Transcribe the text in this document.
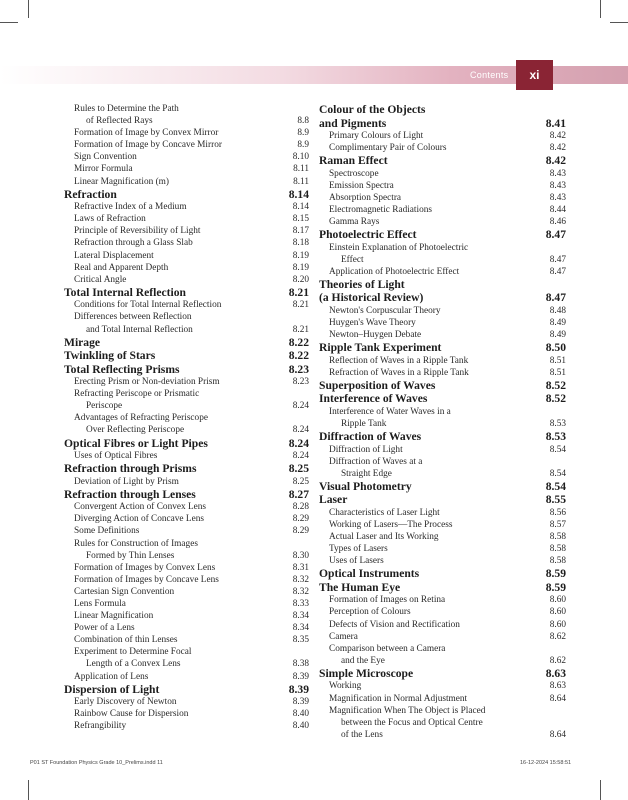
Contents xi
Rules to Determine the Path
of Reflected Rays	8.8
Formation of Image by Convex Mirror	8.9
Formation of Image by Concave Mirror	8.9
Sign Convention	8.10
Mirror Formula	8.11
Linear Magnification (m)	8.11
Refraction	8.14
Refractive Index of a Medium	8.14
Laws of Refraction	8.15
Principle of Reversibility of Light	8.17
Refraction through a Glass Slab	8.18
Lateral Displacement	8.19
Real and Apparent Depth	8.19
Critical Angle	8.20
Total Internal Reflection	8.21
Conditions for Total Internal Reflection	8.21
Differences between Reflection
and Total Internal Reflection	8.21
Mirage	8.22
Twinkling of Stars	8.22
Total Reflecting Prisms	8.23
Erecting Prism or Non-deviation Prism	8.23
Refracting Periscope or Prismatic
Periscope	8.24
Advantages of Refracting Periscope
Over Reflecting Periscope	8.24
Optical Fibres or Light Pipes	8.24
Uses of Optical Fibres	8.24
Refraction through Prisms	8.25
Deviation of Light by Prism	8.25
Refraction through Lenses	8.27
Convergent Action of Convex Lens	8.28
Diverging Action of Concave Lens	8.29
Some Definitions	8.29
Rules for Construction of Images
Formed by Thin Lenses	8.30
Formation of Images by Convex Lens	8.31
Formation of Images by Concave Lens	8.32
Cartesian Sign Convention	8.32
Lens Formula	8.33
Linear Magnification	8.34
Power of a Lens	8.34
Combination of thin Lenses	8.35
Experiment to Determine Focal
Length of a Convex Lens	8.38
Application of Lens	8.39
Dispersion of Light	8.39
Early Discovery of Newton	8.39
Rainbow Cause for Dispersion	8.40
Refrangibility	8.40
Colour of the Objects
and Pigments	8.41
Primary Colours of Light	8.42
Complimentary Pair of Colours	8.42
Raman Effect	8.42
Spectroscope	8.43
Emission Spectra	8.43
Absorption Spectra	8.43
Electromagnetic Radiations	8.44
Gamma Rays	8.46
Photoelectric Effect	8.47
Einstein Explanation of Photoelectric
Effect	8.47
Application of Photoelectric Effect	8.47
Theories of Light
(a Historical Review)	8.47
Newton's Corpuscular Theory	8.48
Huygen's Wave Theory	8.49
Newton–Huygen Debate	8.49
Ripple Tank Experiment	8.50
Reflection of Waves in a Ripple Tank	8.51
Refraction of Waves in a Ripple Tank	8.51
Superposition of Waves	8.52
Interference of Waves	8.52
Interference of Water Waves in a
Ripple Tank	8.53
Diffraction of Waves	8.53
Diffraction of Light	8.54
Diffraction of Waves at a
Straight Edge	8.54
Visual Photometry	8.54
Laser	8.55
Characteristics of Laser Light	8.56
Working of Lasers—The Process	8.57
Actual Laser and Its Working	8.58
Types of Lasers	8.58
Uses of Lasers	8.58
Optical Instruments	8.59
The Human Eye	8.59
Formation of Images on Retina	8.60
Perception of Colours	8.60
Defects of Vision and Rectification	8.60
Camera	8.62
Comparison between a Camera
and the Eye	8.62
Simple Microscope	8.63
Working	8.63
Magnification in Normal Adjustment	8.64
Magnification When The Object is Placed
between the Focus and Optical Centre
of the Lens	8.64
P01 ST Foundation Physics Grade 10_Prelims.indd 11	16-12-2024 15:58:51
